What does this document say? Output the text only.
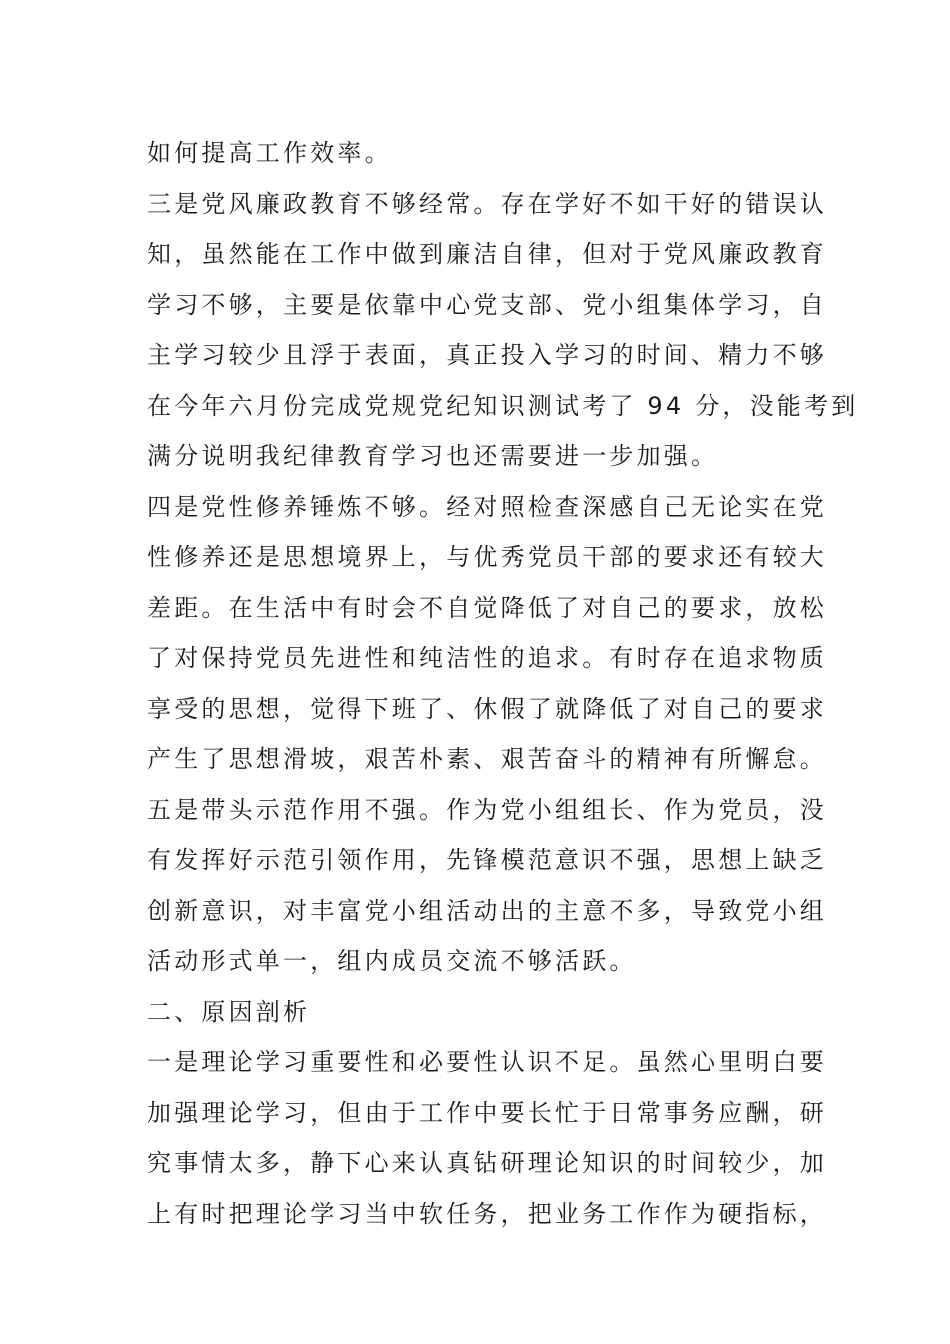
如何提高工作效率。
三是党风廉政教育不够经常。存在学好不如干好的错误认
知，虽然能在工作中做到廉洁自律，但对于党风廉政教育
学习不够，主要是依靠中心党支部、党小组集体学习，自
主学习较少且浮于表面，真正投入学习的时间、精力不够
在今年六月份完成党规党纪知识测试考了 94 分，没能考到
满分说明我纪律教育学习也还需要进一步加强。
四是党性修养锤炼不够。经对照检查深感自己无论实在党
性修养还是思想境界上，与优秀党员干部的要求还有较大
差距。在生活中有时会不自觉降低了对自己的要求，放松
了对保持党员先进性和纯洁性的追求。有时存在追求物质
享受的思想，觉得下班了、休假了就降低了对自己的要求
产生了思想滑坡，艰苦朴素、艰苦奋斗的精神有所懈怠。
五是带头示范作用不强。作为党小组组长、作为党员，没
有发挥好示范引领作用，先锋模范意识不强，思想上缺乏
创新意识，对丰富党小组活动出的主意不多，导致党小组
活动形式单一，组内成员交流不够活跃。
二、原因剖析
一是理论学习重要性和必要性认识不足。虽然心里明白要
加强理论学习，但由于工作中要长忙于日常事务应酬，研
究事情太多，静下心来认真钻研理论知识的时间较少，加
上有时把理论学习当中软任务，把业务工作作为硬指标，
